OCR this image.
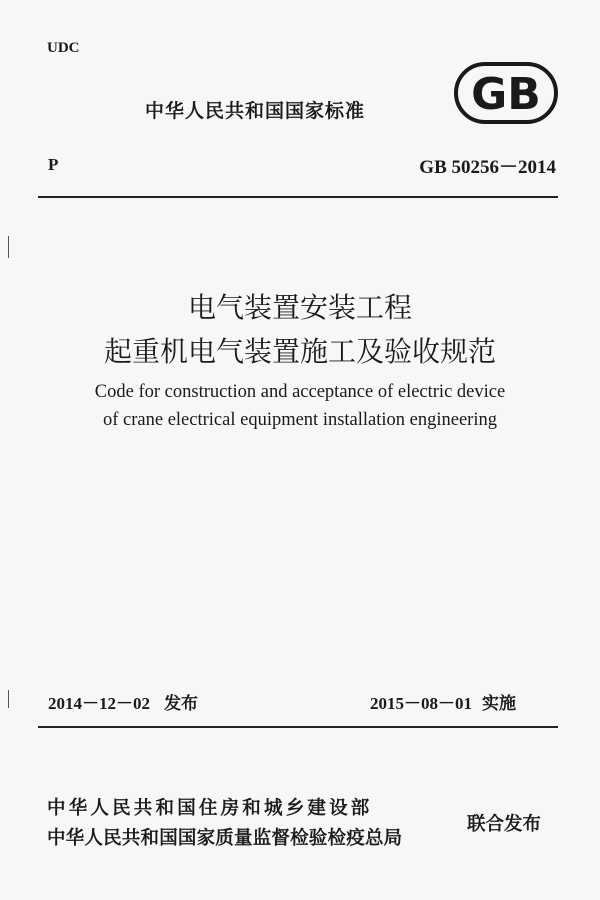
UDC
中华人民共和国国家标准 GB
P	GB 50256－2014
电气装置安装工程
起重机电气装置施工及验收规范
Code for construction and acceptance of electric device
of crane electrical equipment installation engineering
2014－12－02 发布	2015－08－01 实施
中华人民共和国住房和城乡建设部
中华人民共和国国家质量监督检验检疫总局
联合发布
